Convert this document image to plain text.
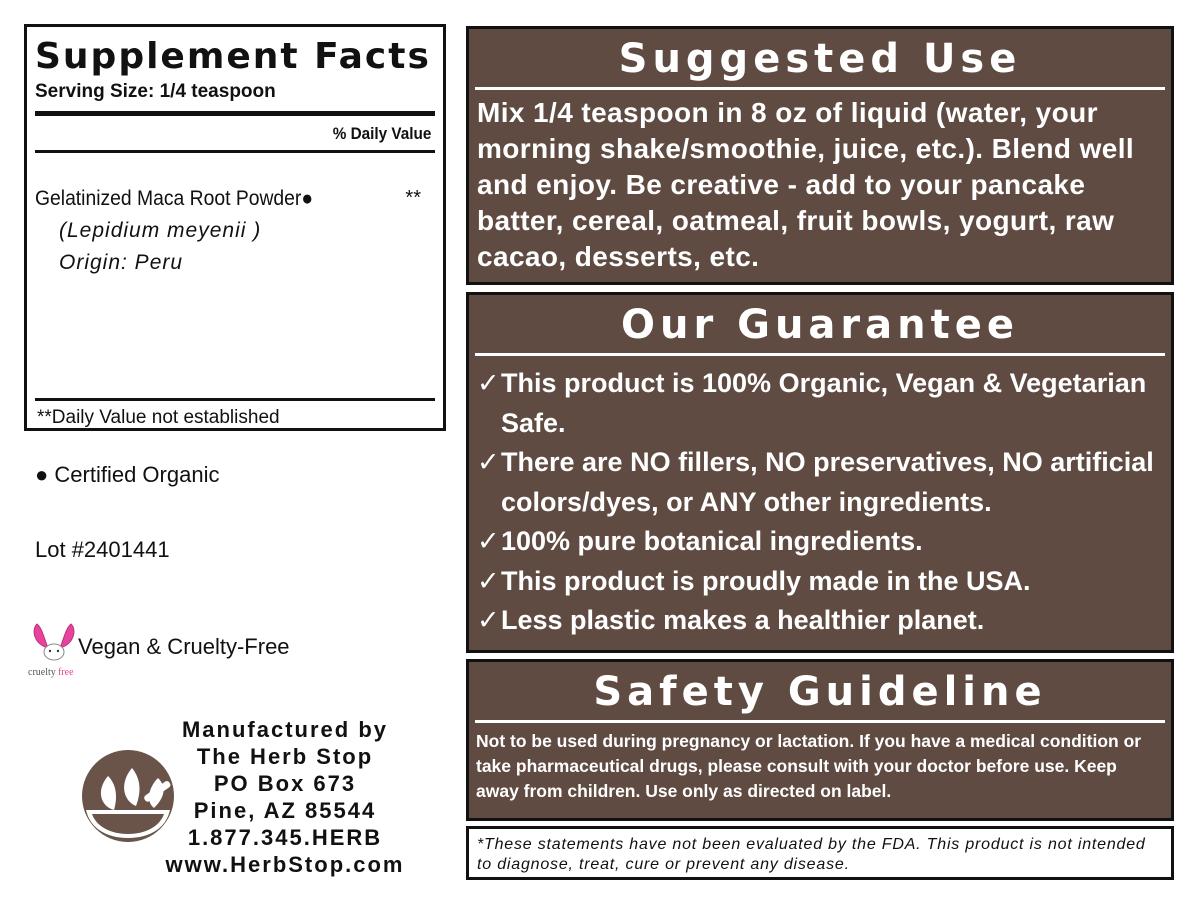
Supplement Facts
Serving Size: 1/4 teaspoon
% Daily Value
Gelatinized Maca Root Powder●	**
(Lepidium meyenii )
Origin: Peru
**Daily Value not established
● Certified Organic
Lot #2401441
cruelty free
Vegan & Cruelty-Free
Manufactured by
The Herb Stop
PO Box 673
Pine, AZ 85544
1.877.345.HERB
www.HerbStop.com
Suggested Use
Mix 1/4 teaspoon in 8 oz of liquid (water, your morning shake/smoothie, juice, etc.). Blend well and enjoy. Be creative - add to your pancake batter, cereal, oatmeal, fruit bowls, yogurt, raw cacao, desserts, etc.
Our Guarantee
✓ This product is 100% Organic, Vegan & Vegetarian Safe.
✓ There are NO fillers, NO preservatives, NO artificial colors/dyes, or ANY other ingredients.
✓ 100% pure botanical ingredients.
✓ This product is proudly made in the USA.
✓ Less plastic makes a healthier planet.
Safety Guideline
Not to be used during pregnancy or lactation. If you have a medical condition or take pharmaceutical drugs, please consult with your doctor before use. Keep away from children. Use only as directed on label.
*These statements have not been evaluated by the FDA. This product is not intended to diagnose, treat, cure or prevent any disease.
